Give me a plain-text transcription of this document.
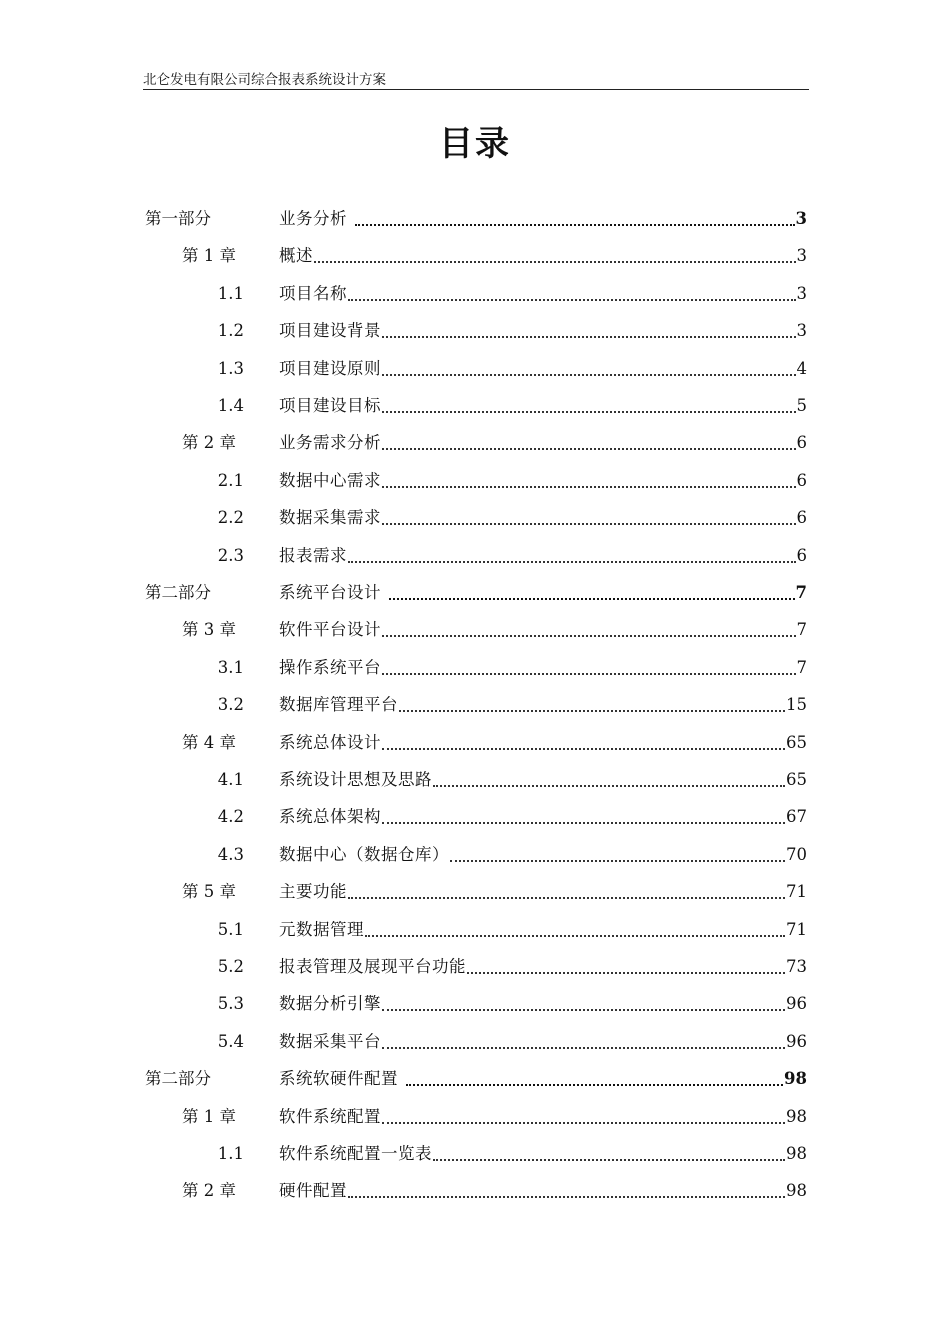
北仑发电有限公司综合报表系统设计方案
目录
第一部分	业务分析	3
第 1 章	概述	3
1.1 项目名称	3
1.2 项目建设背景	3
1.3 项目建设原则	4
1.4 项目建设目标	5
第 2 章	业务需求分析	6
2.1 数据中心需求	6
2.2 数据采集需求	6
2.3 报表需求	6
第二部分	系统平台设计	7
第 3 章	软件平台设计	7
3.1 操作系统平台	7
3.2 数据库管理平台	15
第 4 章	系统总体设计	65
4.1 系统设计思想及思路	65
4.2 系统总体架构	67
4.3 数据中心（数据仓库）	70
第 5 章	主要功能	71
5.1 元数据管理	71
5.2 报表管理及展现平台功能	73
5.3 数据分析引擎	96
5.4 数据采集平台	96
第二部分	系统软硬件配置	98
第 1 章	软件系统配置	98
1.1 软件系统配置一览表	98
第 2 章	硬件配置	98
